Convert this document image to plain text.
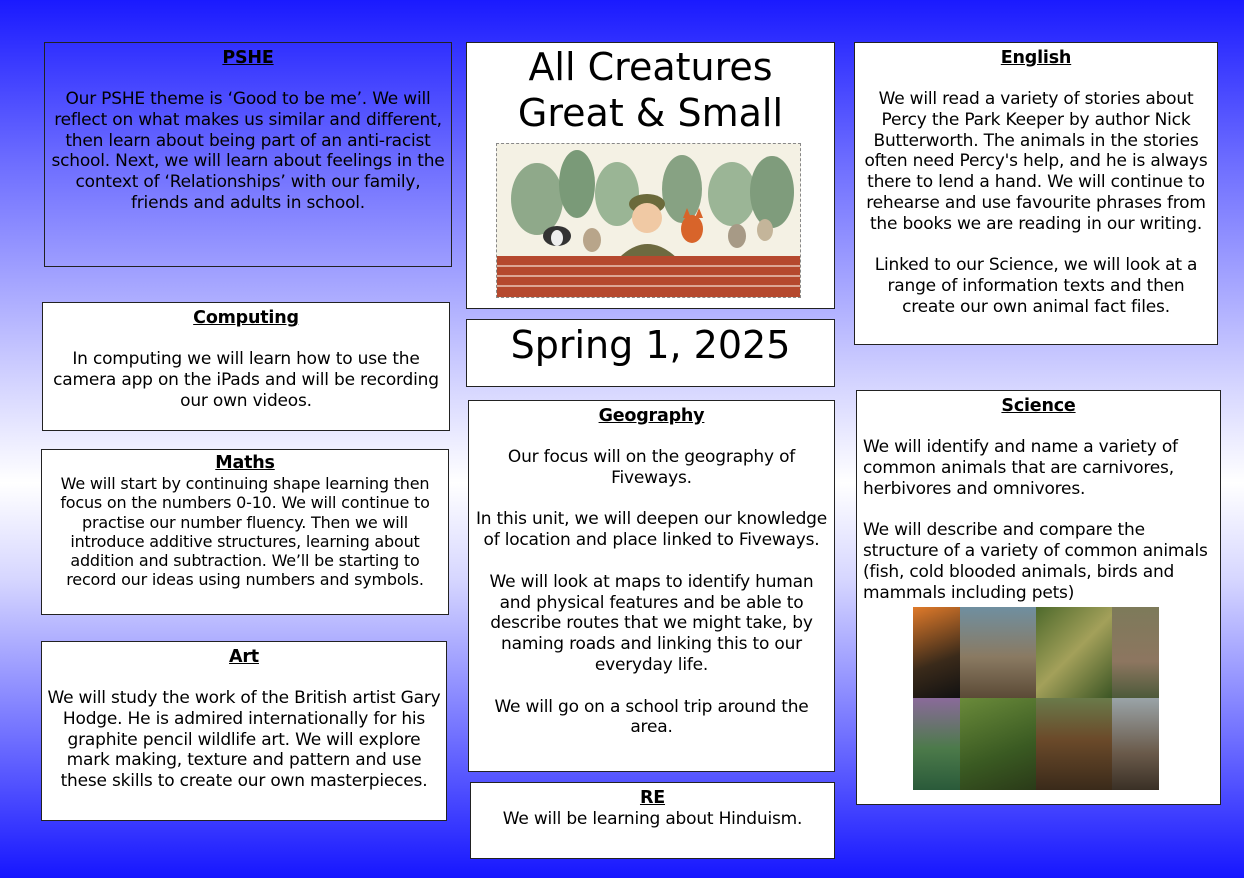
PSHE

Our PSHE theme is ‘Good to be me’. We will reflect on what makes us similar and different, then learn about being part of an anti-racist school. Next, we will learn about feelings in the context of ‘Relationships’ with our family, friends and adults in school.

Computing

In computing we will learn how to use the camera app on the iPads and will be recording our own videos.

Maths

We will start by continuing shape learning then focus on the numbers 0-10. We will continue to practise our number fluency. Then we will introduce additive structures, learning about addition and subtraction. We’ll be starting to record our ideas using numbers and symbols.

Art

We will study the work of the British artist Gary Hodge. He is admired internationally for his graphite pencil wildlife art. We will explore mark making, texture and pattern and use these skills to create our own masterpieces.

All Creatures
Great & Small
Spring 1, 2025
Geography

Our focus will on the geography of Fiveways.

In this unit, we will deepen our knowledge of location and place linked to Fiveways.

We will look at maps to identify human and physical features and be able to describe routes that we might take, by naming roads and linking this to our everyday life.

We will go on a school trip around the area.

RE

We will be learning about Hinduism.

English

We will read a variety of stories about Percy the Park Keeper by author Nick Butterworth. The animals in the stories often need Percy's help, and he is always there to lend a hand. We will continue to rehearse and use favourite phrases from the books we are reading in our writing.

Linked to our Science, we will look at a range of information texts and then create our own animal fact files.

Science

We will identify and name a variety of common animals that are carnivores, herbivores and omnivores.

We will describe and compare the structure of a variety of common animals (fish, cold blooded animals, birds and mammals including pets)
